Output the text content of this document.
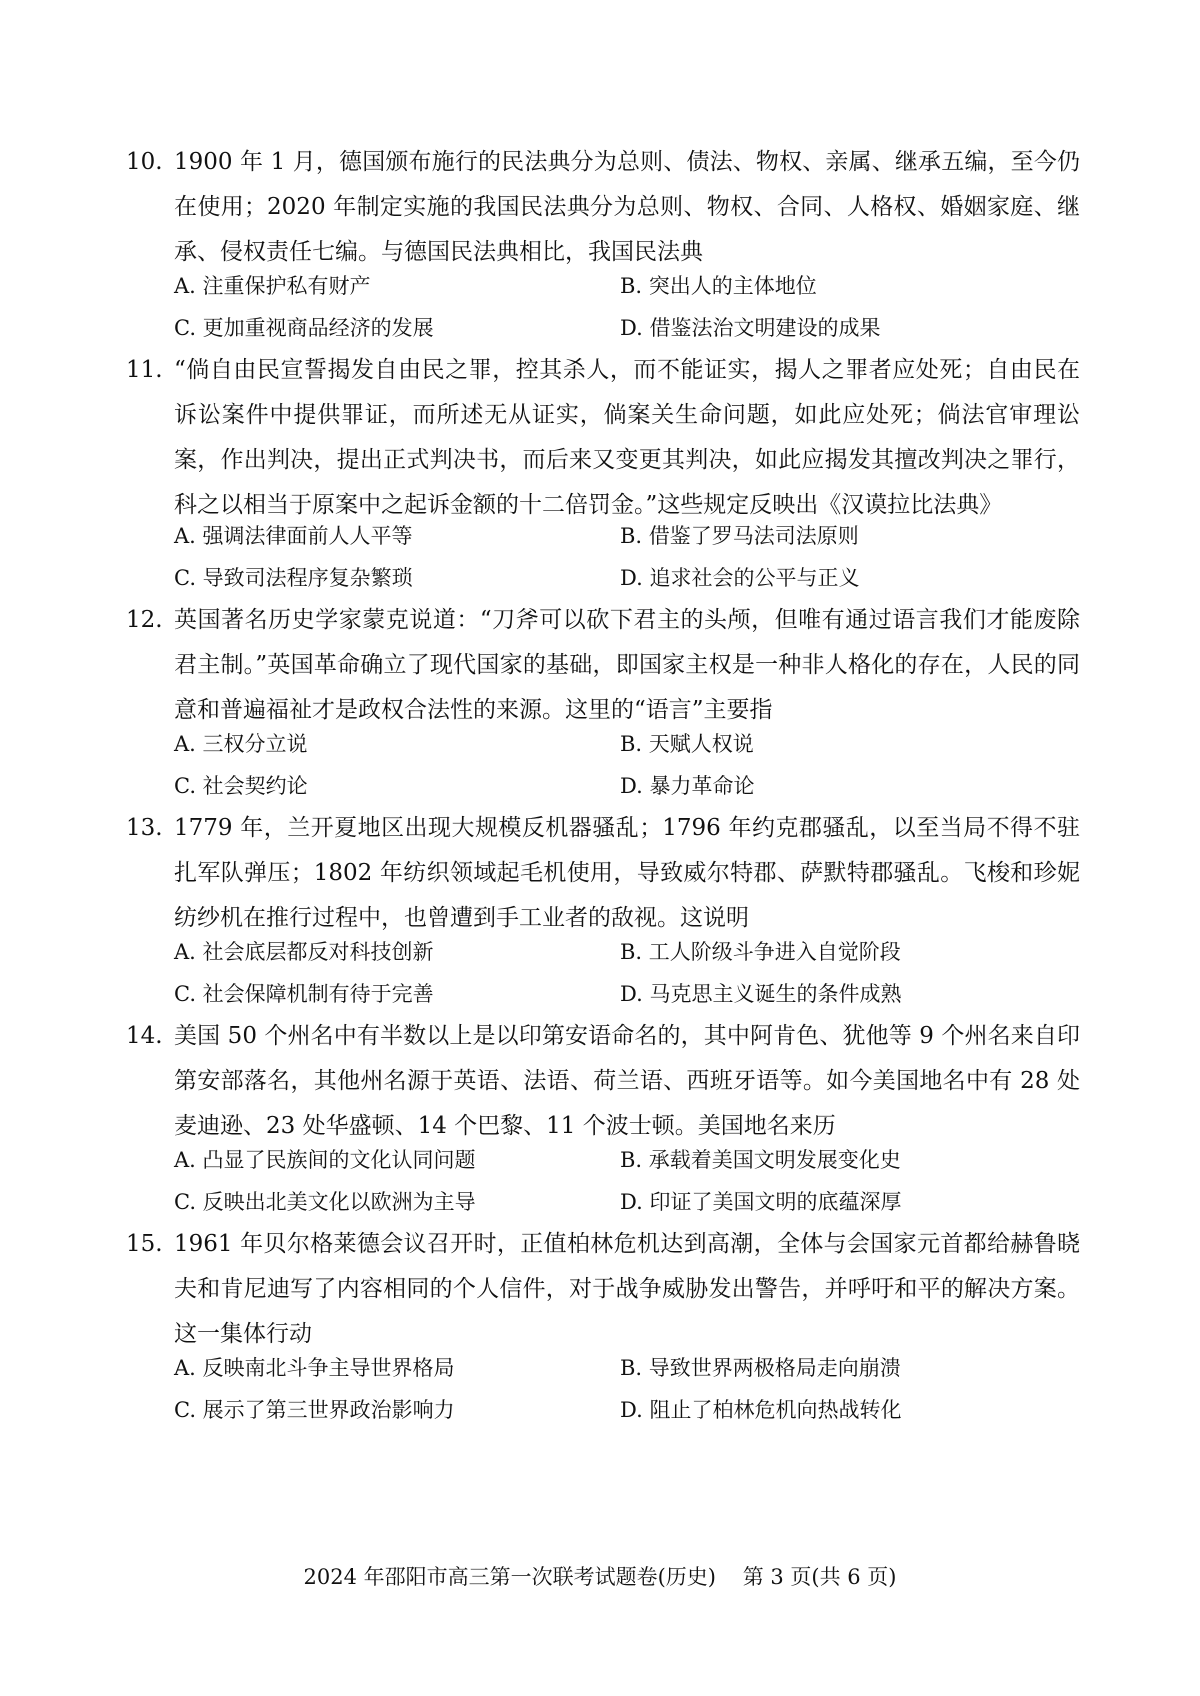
10. 1900 年 1 月，德国颁布施行的民法典分为总则、债法、物权、亲属、继承五编，至今仍在使用；2020 年制定实施的我国民法典分为总则、物权、合同、人格权、婚姻家庭、继承、侵权责任七编。与德国民法典相比，我国民法典
A. 注重保护私有财产	B. 突出人的主体地位
C. 更加重视商品经济的发展	D. 借鉴法治文明建设的成果
11. “倘自由民宣誓揭发自由民之罪，控其杀人，而不能证实，揭人之罪者应处死；自由民在诉讼案件中提供罪证，而所述无从证实，倘案关生命问题，如此应处死；倘法官审理讼案，作出判决，提出正式判决书，而后来又变更其判决，如此应揭发其擅改判决之罪行，科之以相当于原案中之起诉金额的十二倍罚金。”这些规定反映出《汉谟拉比法典》
A. 强调法律面前人人平等	B. 借鉴了罗马法司法原则
C. 导致司法程序复杂繁琐	D. 追求社会的公平与正义
12. 英国著名历史学家蒙克说道：“刀斧可以砍下君主的头颅，但唯有通过语言我们才能废除君主制。”英国革命确立了现代国家的基础，即国家主权是一种非人格化的存在，人民的同意和普遍福祉才是政权合法性的来源。这里的“语言”主要指
A. 三权分立说	B. 天赋人权说
C. 社会契约论	D. 暴力革命论
13. 1779 年，兰开夏地区出现大规模反机器骚乱；1796 年约克郡骚乱，以至当局不得不驻扎军队弹压；1802 年纺织领域起毛机使用，导致威尔特郡、萨默特郡骚乱。飞梭和珍妮纺纱机在推行过程中，也曾遭到手工业者的敌视。这说明
A. 社会底层都反对科技创新	B. 工人阶级斗争进入自觉阶段
C. 社会保障机制有待于完善	D. 马克思主义诞生的条件成熟
14. 美国 50 个州名中有半数以上是以印第安语命名的，其中阿肯色、犹他等 9 个州名来自印第安部落名，其他州名源于英语、法语、荷兰语、西班牙语等。如今美国地名中有 28 处麦迪逊、23 处华盛顿、14 个巴黎、11 个波士顿。美国地名来历
A. 凸显了民族间的文化认同问题	B. 承载着美国文明发展变化史
C. 反映出北美文化以欧洲为主导	D. 印证了美国文明的底蕴深厚
15. 1961 年贝尔格莱德会议召开时，正值柏林危机达到高潮，全体与会国家元首都给赫鲁晓夫和肯尼迪写了内容相同的个人信件，对于战争威胁发出警告，并呼吁和平的解决方案。这一集体行动
A. 反映南北斗争主导世界格局	B. 导致世界两极格局走向崩溃
C. 展示了第三世界政治影响力	D. 阻止了柏林危机向热战转化
2024 年邵阳市高三第一次联考试题卷(历史) 第 3 页(共 6 页)
